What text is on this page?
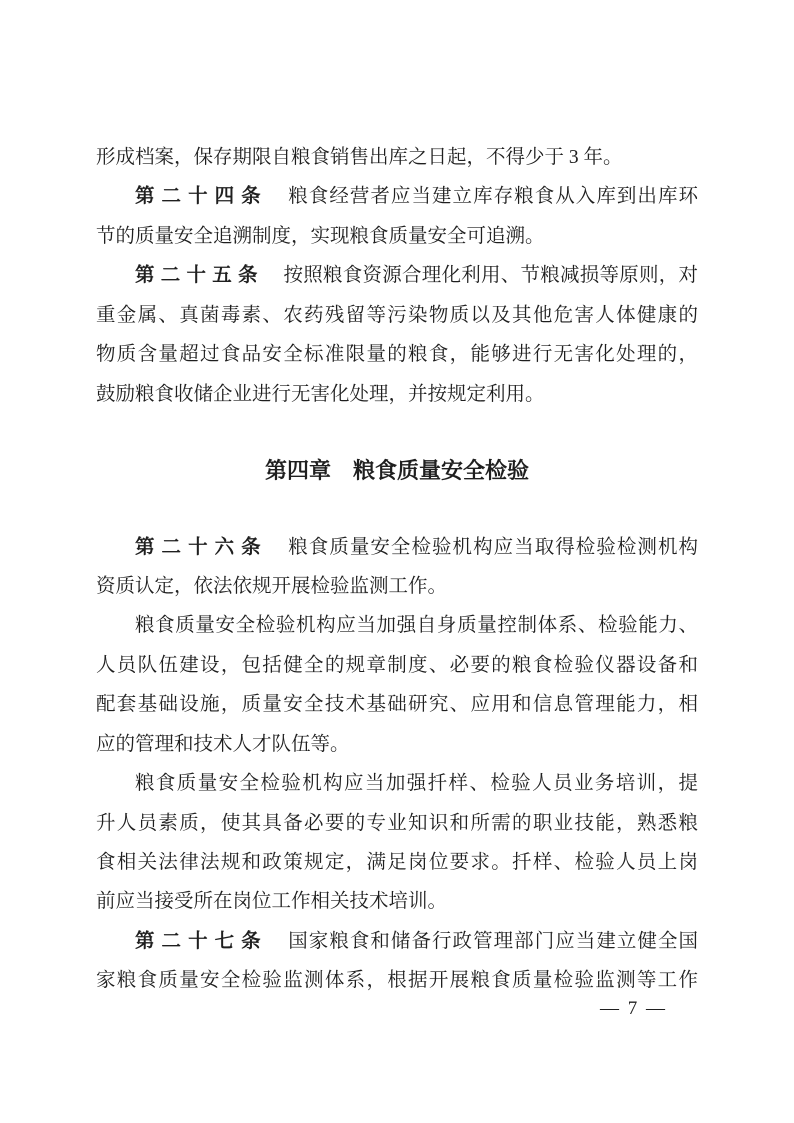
形成档案，保存期限自粮食销售出库之日起，不得少于 3 年。
第二十四条　粮食经营者应当建立库存粮食从入库到出库环
节的质量安全追溯制度，实现粮食质量安全可追溯。
第二十五条　按照粮食资源合理化利用、节粮减损等原则，对
重金属、真菌毒素、农药残留等污染物质以及其他危害人体健康的
物质含量超过食品安全标准限量的粮食，能够进行无害化处理的，
鼓励粮食收储企业进行无害化处理，并按规定利用。
第四章　粮食质量安全检验
第二十六条　粮食质量安全检验机构应当取得检验检测机构
资质认定，依法依规开展检验监测工作。
粮食质量安全检验机构应当加强自身质量控制体系、检验能力、
人员队伍建设，包括健全的规章制度、必要的粮食检验仪器设备和
配套基础设施，质量安全技术基础研究、应用和信息管理能力，相
应的管理和技术人才队伍等。
粮食质量安全检验机构应当加强扦样、检验人员业务培训，提
升人员素质，使其具备必要的专业知识和所需的职业技能，熟悉粮
食相关法律法规和政策规定，满足岗位要求。扦样、检验人员上岗
前应当接受所在岗位工作相关技术培训。
第二十七条　国家粮食和储备行政管理部门应当建立健全国
家粮食质量安全检验监测体系，根据开展粮食质量检验监测等工作
— 7 —
